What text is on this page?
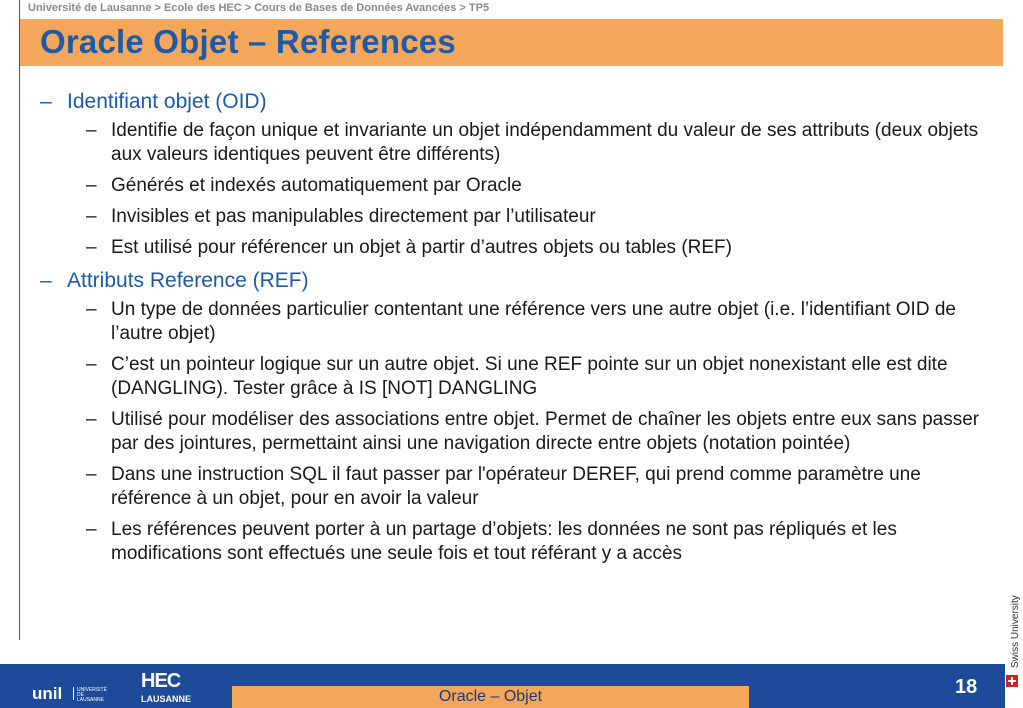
Université de Lausanne > Ecole des HEC > Cours de Bases de Données Avancées > TP5
Oracle Objet – References
– Identifiant objet (OID)
– Identifie de façon unique et invariante un objet indépendamment du valeur de ses attributs (deux objets aux valeurs identiques peuvent être différents)
– Générés et indexés automatiquement par Oracle
– Invisibles et pas manipulables directement par l’utilisateur
– Est utilisé pour référencer un objet à partir d’autres objets ou tables (REF)
– Attributs Reference (REF)
– Un type de données particulier contentant une référence vers une autre objet (i.e. l’identifiant OID de l’autre objet)
– C’est un pointeur logique sur un autre objet. Si une REF pointe sur un objet nonexistant elle est dite (DANGLING). Tester grâce à IS [NOT] DANGLING
– Utilisé pour modéliser des associations entre objet. Permet de chaîner les objets entre eux sans passer par des jointures, permettaint ainsi une navigation directe entre objets (notation pointée)
– Dans une instruction SQL il faut passer par l'opérateur DEREF, qui prend comme paramètre une référence à un objet, pour en avoir la valeur
– Les références peuvent porter à un partage d’objets: les données ne sont pas répliqués et les modifications sont effectués une seule fois et tout référant y a accès
Swiss University
unil	UNIVERSITÉ
DE
LAUSANNE
HEC
LAUSANNE	Oracle – Objet	18
